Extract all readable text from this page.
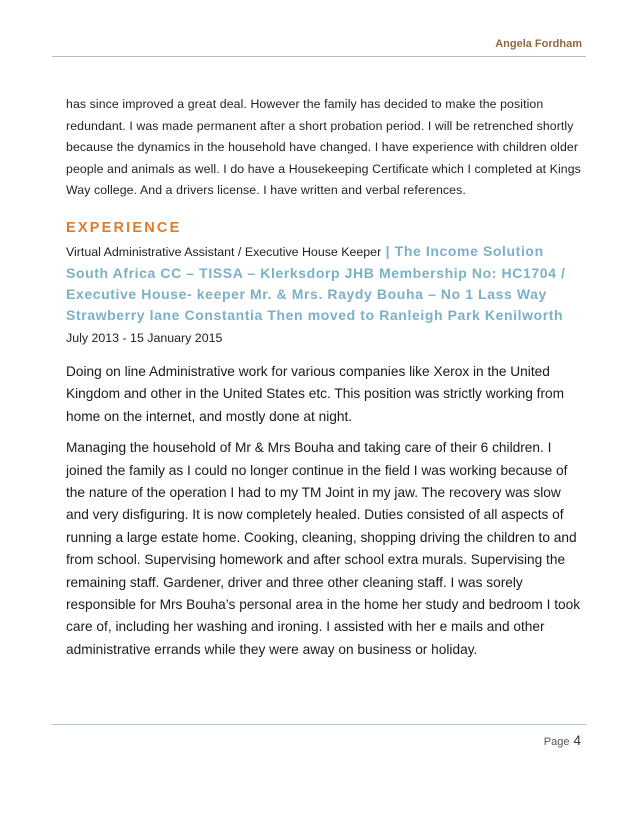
Angela Fordham

has since improved a great deal. However the family has decided to make the position redundant. I was made permanent after a short probation period. I will be retrenched shortly because the dynamics in the household have changed. I have experience with children older people and animals as well. I do have a Housekeeping Certificate which I completed at Kings Way college. And a drivers license. I have written and verbal references.

EXPERIENCE
Virtual Administrative Assistant / Executive House Keeper | The Income Solution South Africa CC – TISSA – Klerksdorp JHB Membership No: HC1704 / Executive House- keeper Mr. & Mrs. Raydy Bouha – No 1 Lass Way Strawberry lane Constantia Then moved to Ranleigh Park Kenilworth
July 2013 - 15 January 2015

Doing on line Administrative work for various companies like Xerox in the United Kingdom and other in the United States etc. This position was strictly working from home on the internet, and mostly done at night.

Managing the household of Mr & Mrs Bouha and taking care of their 6 children. I joined the family as I could no longer continue in the field I was working because of the nature of the operation I had to my TM Joint in my jaw. The recovery was slow and very disfiguring. It is now completely healed. Duties consisted of all aspects of running a large estate home. Cooking, cleaning, shopping driving the children to and from school. Supervising homework and after school extra murals. Supervising the remaining staff. Gardener, driver and three other cleaning staff. I was sorely responsible for Mrs Bouha’s personal area in the home her study and bedroom I took care of, including her washing and ironing. I assisted with her e mails and other administrative errands while they were away on business or holiday.

Page 4
